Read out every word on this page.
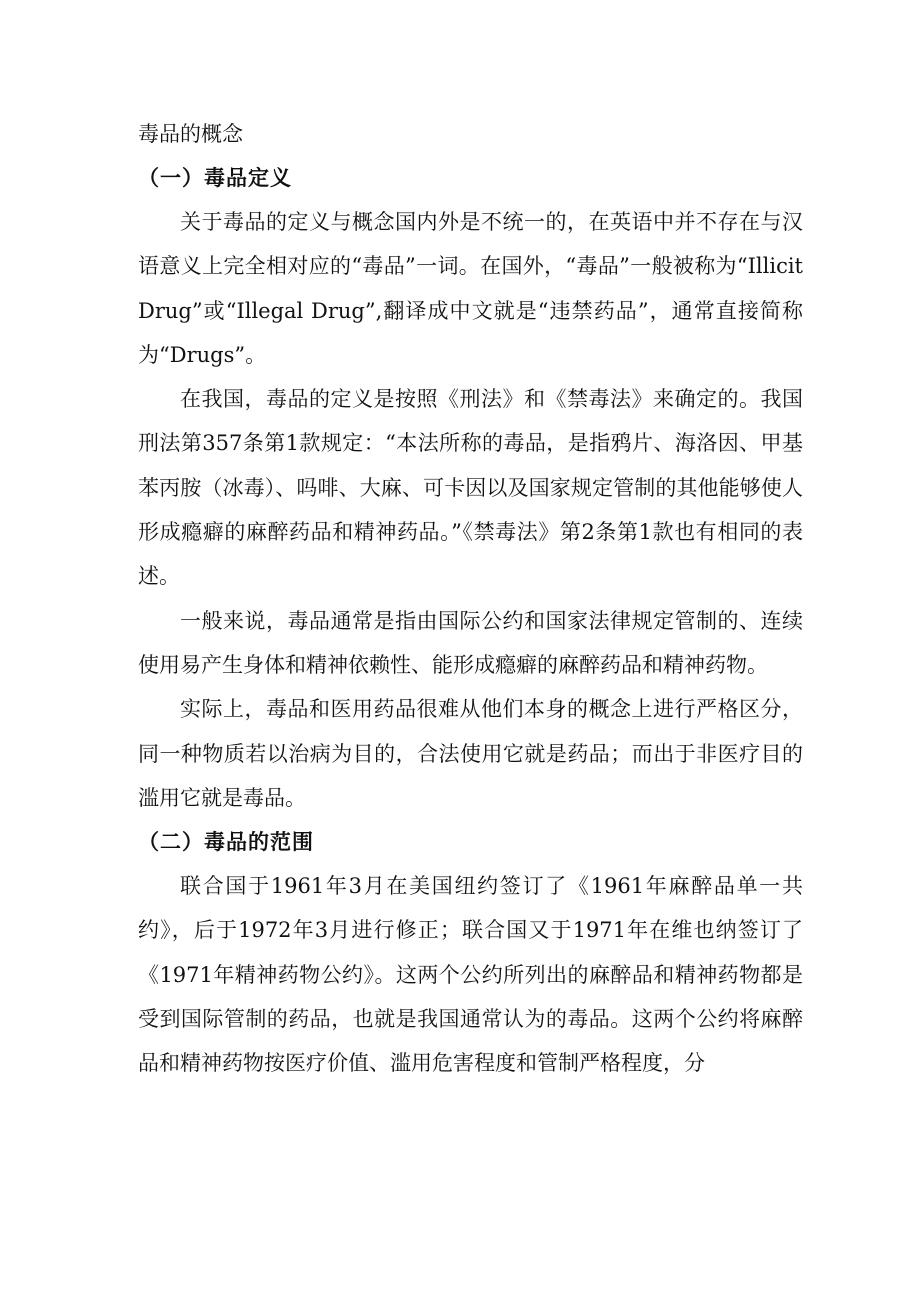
毒品的概念
（一）毒品定义

关于毒品的定义与概念国内外是不统一的，在英语中并不存在与汉语意义上完全相对应的“毒品”一词。在国外，“毒品”一般被称为“Illicit Drug”或“Illegal Drug”,翻译成中文就是“违禁药品”，通常直接简称为“Drugs”。

在我国，毒品的定义是按照《刑法》和《禁毒法》来确定的。我国刑法第357条第1款规定：“本法所称的毒品，是指鸦片、海洛因、甲基苯丙胺（冰毒）、吗啡、大麻、可卡因以及国家规定管制的其他能够使人形成瘾癖的麻醉药品和精神药品。”《禁毒法》第2条第1款也有相同的表述。

一般来说，毒品通常是指由国际公约和国家法律规定管制的、连续使用易产生身体和精神依赖性、能形成瘾癖的麻醉药品和精神药物。

实际上，毒品和医用药品很难从他们本身的概念上进行严格区分，同一种物质若以治病为目的，合法使用它就是药品；而出于非医疗目的滥用它就是毒品。

（二）毒品的范围

联合国于1961年3月在美国纽约签订了《1961年麻醉品单一共约》，后于1972年3月进行修正；联合国又于1971年在维也纳签订了《1971年精神药物公约》。这两个公约所列出的麻醉品和精神药物都是受到国际管制的药品，也就是我国通常认为的毒品。这两个公约将麻醉品和精神药物按医疗价值、滥用危害程度和管制严格程度，分
